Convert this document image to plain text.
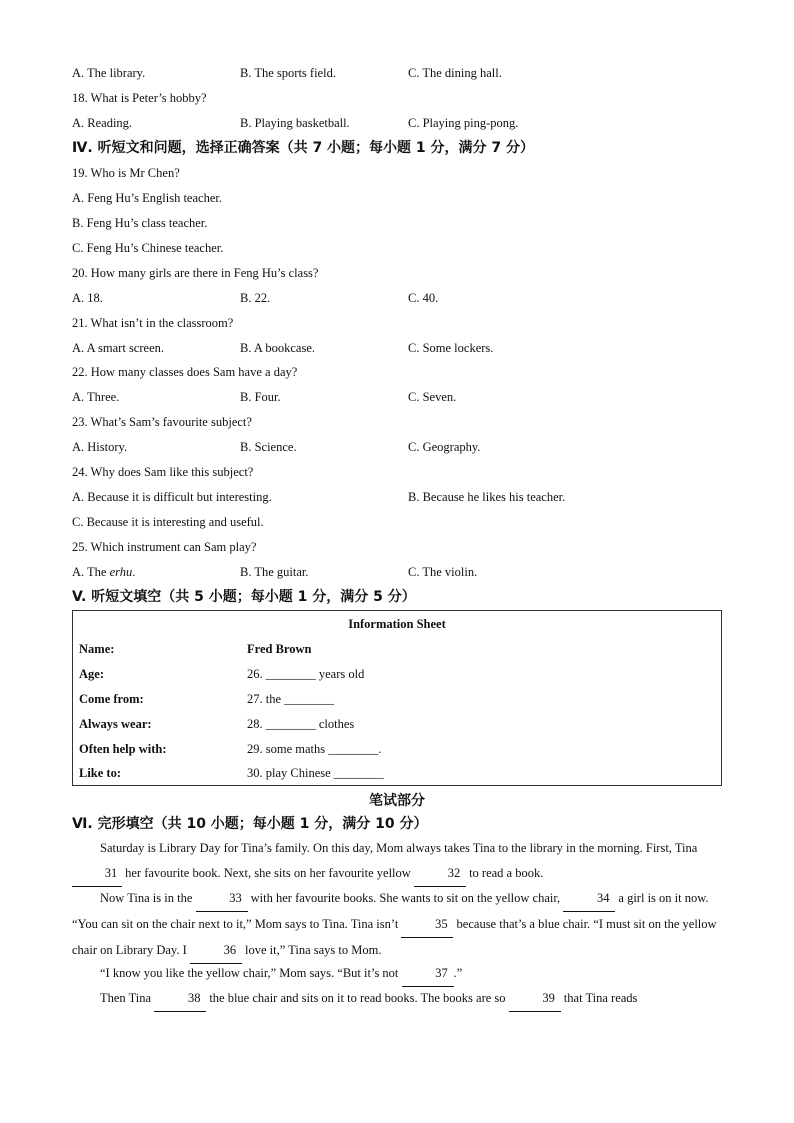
A. The library.	B. The sports field.	C. The dining hall.
18. What is Peter’s hobby?
A. Reading.	B. Playing basketball.	C. Playing ping-pong.
Ⅳ. 听短文和问题，选择正确答案（共 7 小题；每小题 1 分，满分 7 分）
19. Who is Mr Chen?
A. Feng Hu’s English teacher.
B. Feng Hu’s class teacher.
C. Feng Hu’s Chinese teacher.
20. How many girls are there in Feng Hu’s class?
A. 18.	B. 22.	C. 40.
21. What isn’t in the classroom?
A. A smart screen.	B. A bookcase.	C. Some lockers.
22. How many classes does Sam have a day?
A. Three.	B. Four.	C. Seven.
23. What’s Sam’s favourite subject?
A. History.	B. Science.	C. Geography.
24. Why does Sam like this subject?
A. Because it is difficult but interesting.	B. Because he likes his teacher.
C. Because it is interesting and useful.
25. Which instrument can Sam play?
A. The erhu.	B. The guitar.	C. The violin.
V. 听短文填空（共 5 小题；每小题 1 分，满分 5 分）
Information Sheet
Name:	Fred Brown
Age:	26. ________ years old
Come from:	27. the ________
Always wear:	28. ________ clothes
Often help with:	29. some maths ________.
Like to:	30. play Chinese ________
笔试部分
Ⅵ. 完形填空（共 10 小题；每小题 1 分，满分 10 分）
Saturday is Library Day for Tina’s family. On this day, Mom always takes Tina to the library in the morning. First, Tina 31 her favourite book. Next, she sits on her favourite yellow	32 to read a book.
Now Tina is in the	33 with her favourite books. She wants to sit on the yellow chair,	34 a girl is on it now. “You can sit on the chair next to it,” Mom says to Tina. Tina isn’t	35 because that’s a blue chair. “I must sit on the yellow chair on Library Day. I	36 love it,” Tina says to Mom.
“I know you like the yellow chair,” Mom says. “But it’s not	37 .”
Then Tina	38 the blue chair and sits on it to read books. The books are so	39 that Tina reads
